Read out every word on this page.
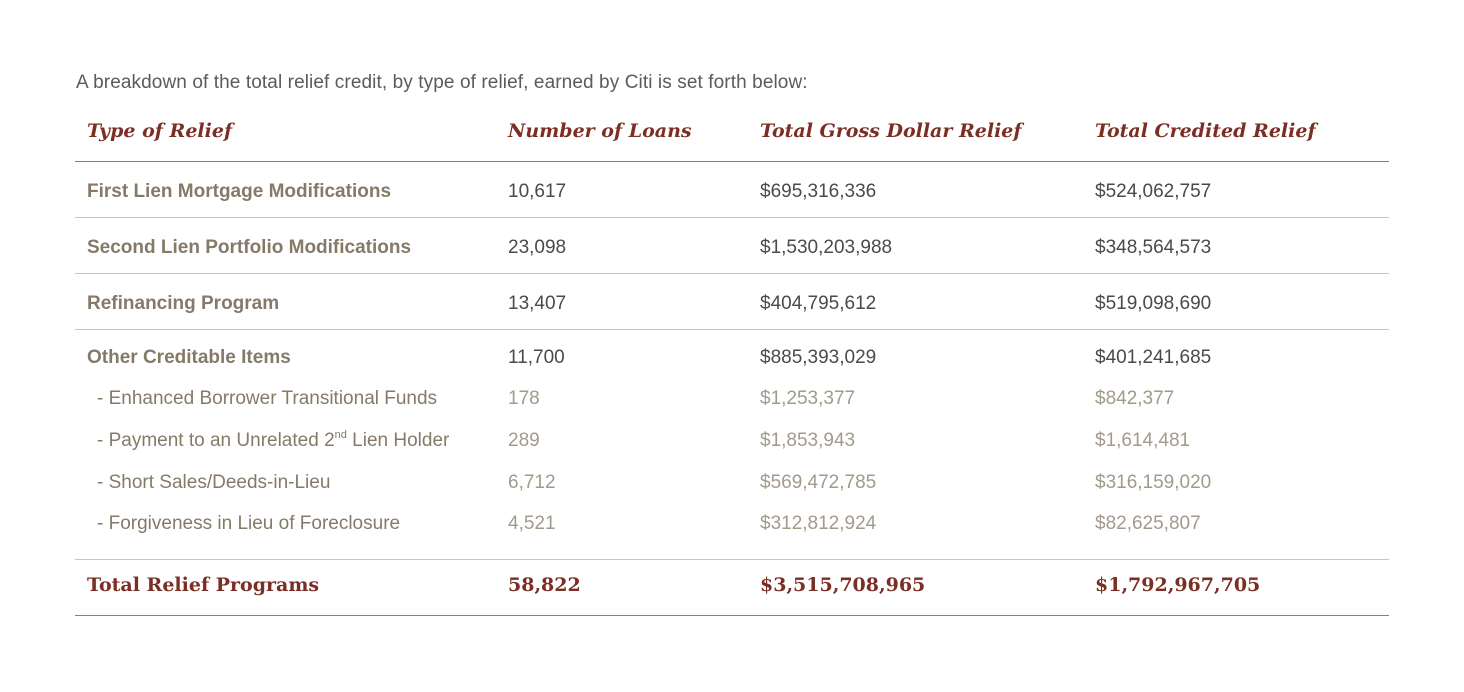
A breakdown of the total relief credit, by type of relief, earned by Citi is set forth below:
Type of Relief	Number of Loans	Total Gross Dollar Relief	Total Credited Relief
First Lien Mortgage Modifications	10,617	$695,316,336	$524,062,757
Second Lien Portfolio Modifications	23,098	$1,530,203,988	$348,564,573
Refinancing Program	13,407	$404,795,612	$519,098,690
Other Creditable Items	11,700	$885,393,029	$401,241,685
- Enhanced Borrower Transitional Funds	178	$1,253,377	$842,377
- Payment to an Unrelated 2nd Lien Holder	289	$1,853,943	$1,614,481
- Short Sales/Deeds-in-Lieu	6,712	$569,472,785	$316,159,020
- Forgiveness in Lieu of Foreclosure	4,521	$312,812,924	$82,625,807
Total Relief Programs	58,822	$3,515,708,965	$1,792,967,705
